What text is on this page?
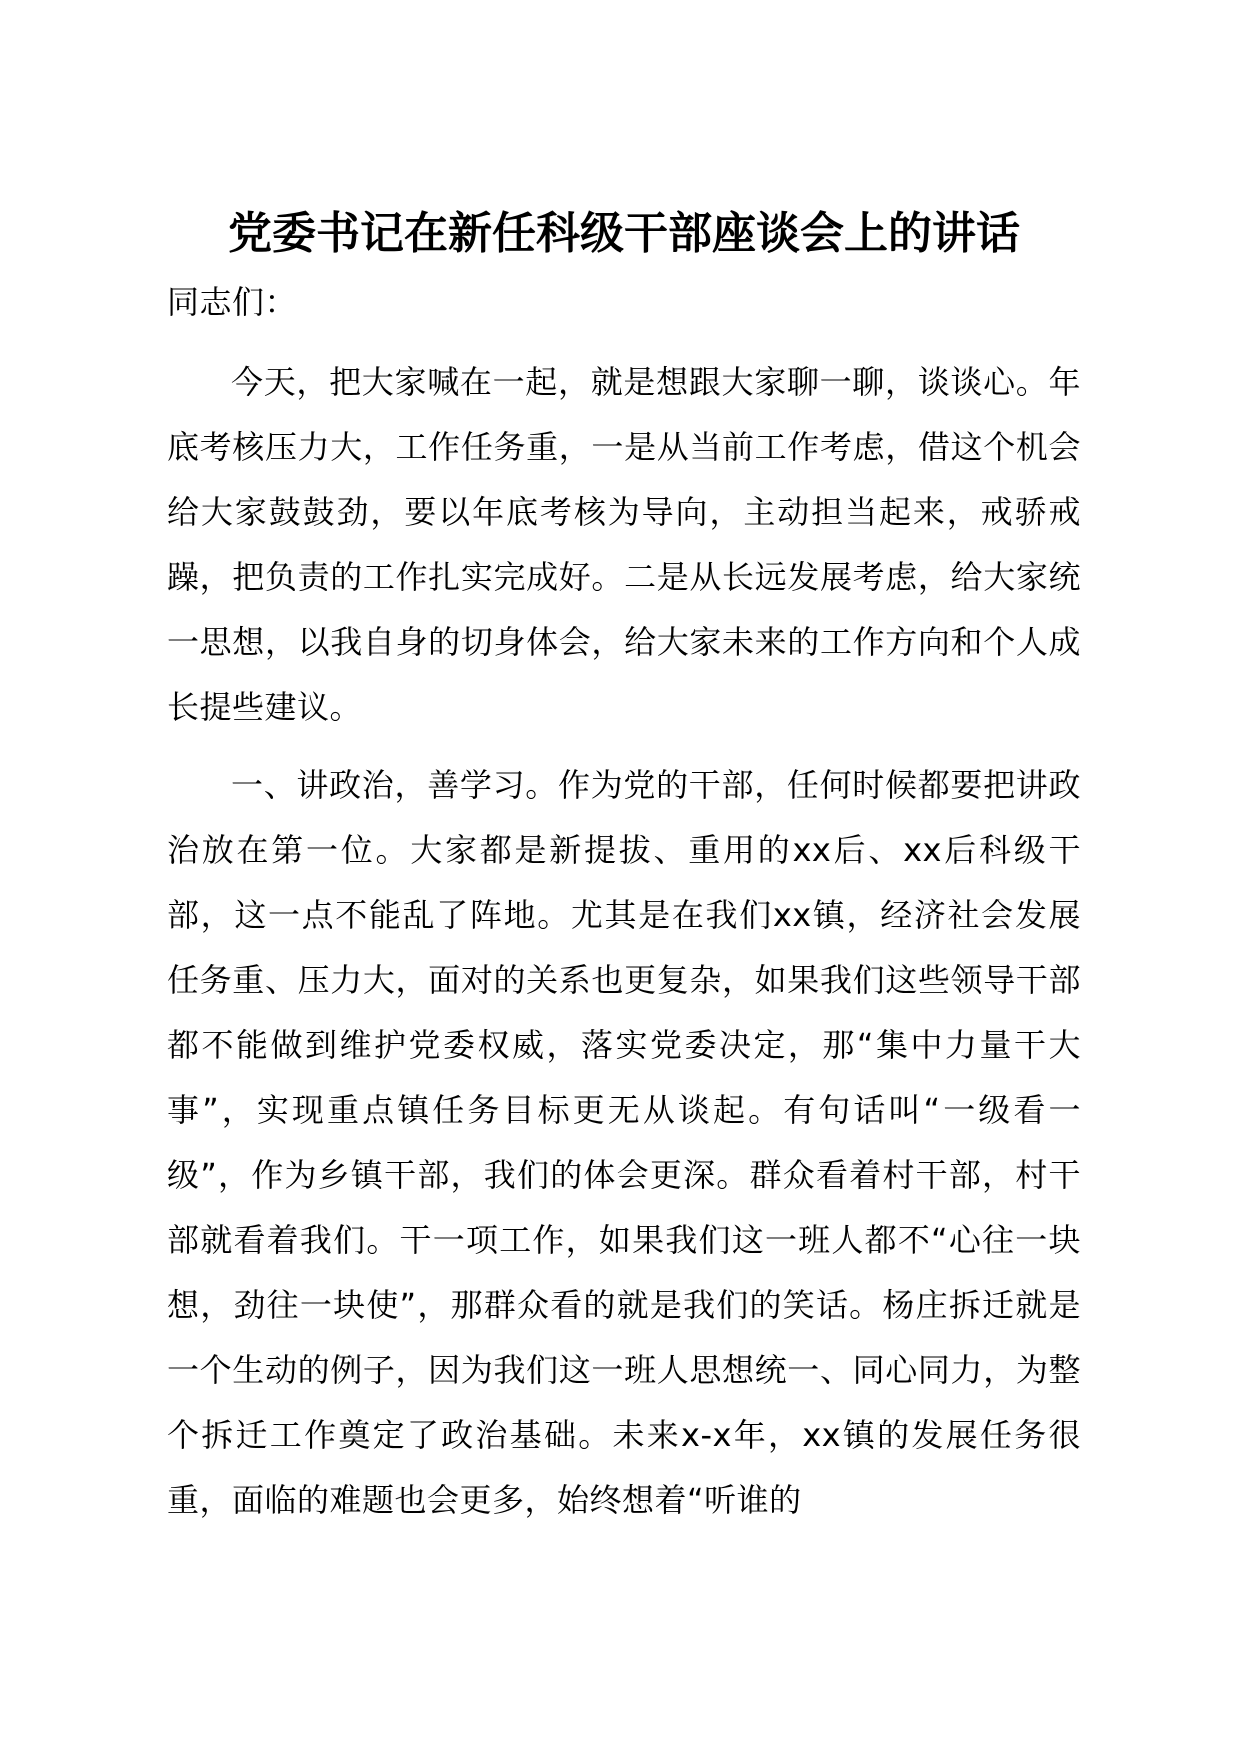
党委书记在新任科级干部座谈会上的讲话

同志们：

今天，把大家喊在一起，就是想跟大家聊一聊，谈谈心。年底考核压力大，工作任务重，一是从当前工作考虑，借这个机会给大家鼓鼓劲，要以年底考核为导向，主动担当起来，戒骄戒躁，把负责的工作扎实完成好。二是从长远发展考虑，给大家统一思想，以我自身的切身体会，给大家未来的工作方向和个人成长提些建议。

一、讲政治，善学习。作为党的干部，任何时候都要把讲政治放在第一位。大家都是新提拔、重用的xx后、xx后科级干部，这一点不能乱了阵地。尤其是在我们xx镇，经济社会发展任务重、压力大，面对的关系也更复杂，如果我们这些领导干部都不能做到维护党委权威，落实党委决定，那“集中力量干大事”，实现重点镇任务目标更无从谈起。有句话叫“一级看一级”，作为乡镇干部，我们的体会更深。群众看着村干部，村干部就看着我们。干一项工作，如果我们这一班人都不“心往一块想，劲往一块使”，那群众看的就是我们的笑话。杨庄拆迁就是一个生动的例子，因为我们这一班人思想统一、同心同力，为整个拆迁工作奠定了政治基础。未来x-x年，xx镇的发展任务很重，面临的难题也会更多，始终想着“听谁的
